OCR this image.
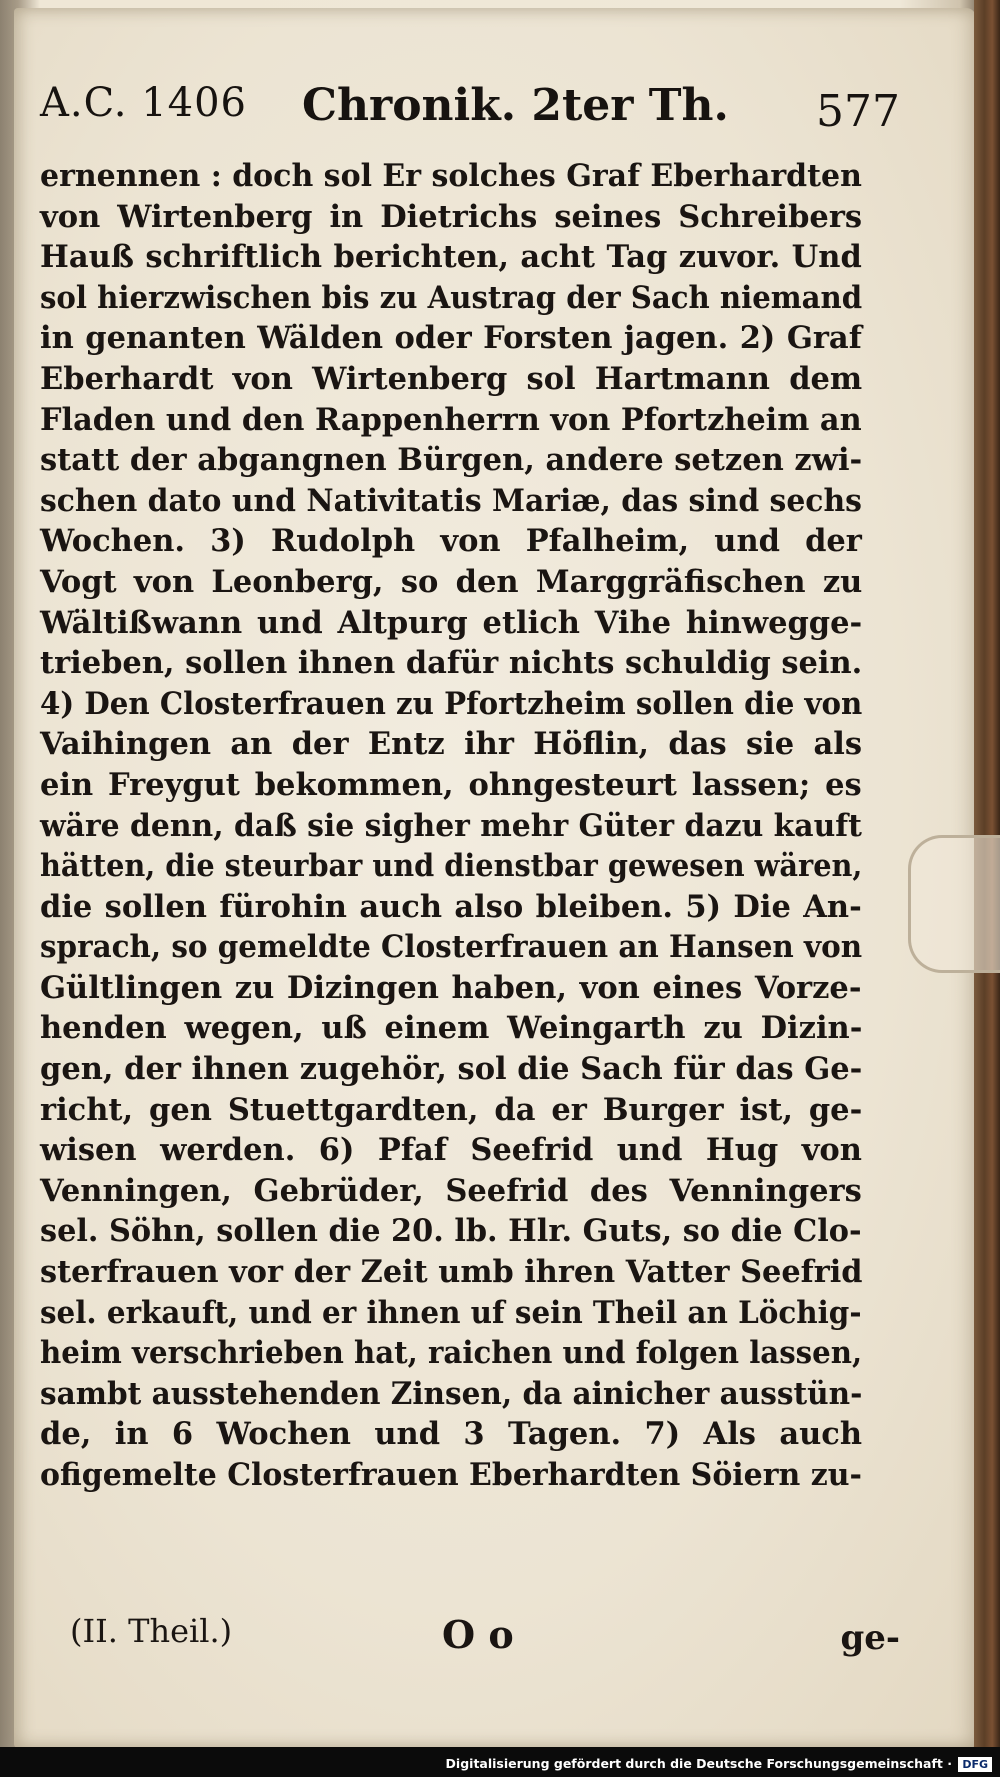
A.C. 1406 Chronik. 2ter Th. 577
ernennen : doch sol Er solches Graf Eberhardten
von Wirtenberg in Dietrichs seines Schreibers
Hauß schriftlich berichten, acht Tag zuvor. Und
sol hierzwischen bis zu Austrag der Sach niemand
in genanten Wälden oder Forsten jagen. 2) Graf
Eberhardt von Wirtenberg sol Hartmann dem
Fladen und den Rappenherrn von Pfortzheim an
statt der abgangnen Bürgen, andere setzen zwi-
schen dato und Nativitatis Mariæ, das sind sechs
Wochen. 3) Rudolph von Pfalheim, und der
Vogt von Leonberg, so den Marggräfischen zu
Wältißwann und Altpurg etlich Vihe hinwegge-
trieben, sollen ihnen dafür nichts schuldig sein.
4) Den Closterfrauen zu Pfortzheim sollen die von
Vaihingen an der Entz ihr Höflin, das sie als
ein Freygut bekommen, ohngesteurt lassen; es
wäre denn, daß sie sigher mehr Güter dazu kauft
hätten, die steurbar und dienstbar gewesen wären,
die sollen fürohin auch also bleiben. 5) Die An-
sprach, so gemeldte Closterfrauen an Hansen von
Gültlingen zu Dizingen haben, von eines Vorze-
henden wegen, uß einem Weingarth zu Dizin-
gen, der ihnen zugehör, sol die Sach für das Ge-
richt, gen Stuettgardten, da er Burger ist, ge-
wisen werden. 6) Pfaf Seefrid und Hug von
Venningen, Gebrüder, Seefrid des Venningers
sel. Söhn, sollen die 20. lb. Hlr. Guts, so die Clo-
sterfrauen vor der Zeit umb ihren Vatter Seefrid
sel. erkauft, und er ihnen uf sein Theil an Löchig-
heim verschrieben hat, raichen und folgen lassen,
sambt ausstehenden Zinsen, da ainicher ausstün-
de, in 6 Wochen und 3 Tagen. 7) Als auch
ofigemelte Closterfrauen Eberhardten Söiern zu-
(II. Theil.)	O o	ge-
Digitalisierung gefördert durch die Deutsche Forschungsgemeinschaft · DFG
